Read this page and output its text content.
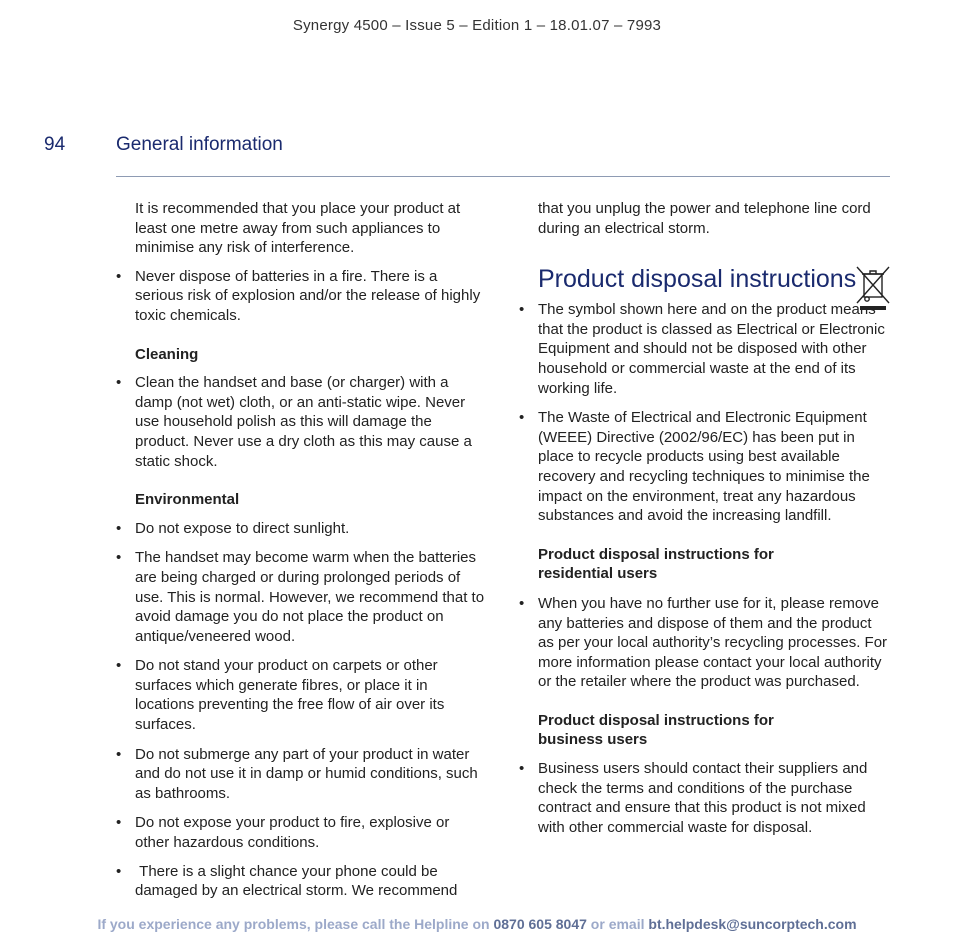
Synergy 4500 – Issue 5 – Edition 1 – 18.01.07 – 7993
94	General information

It is recommended that you place your product at least one metre away from such appliances to minimise any risk of interference.

• Never dispose of batteries in a fire. There is a serious risk of explosion and/or the release of highly toxic chemicals.

Cleaning

• Clean the handset and base (or charger) with a damp (not wet) cloth, or an anti-static wipe. Never use household polish as this will damage the product. Never use a dry cloth as this may cause a static shock.

Environmental

• Do not expose to direct sunlight.

• The handset may become warm when the batteries are being charged or during prolonged periods of use. This is normal. However, we recommend that to avoid damage you do not place the product on antique/veneered wood.

• Do not stand your product on carpets or other surfaces which generate fibres, or place it in locations preventing the free flow of air over its surfaces.

• Do not submerge any part of your product in water and do not use it in damp or humid conditions, such as bathrooms.

• Do not expose your product to fire, explosive or other hazardous conditions.

•  There is a slight chance your phone could be damaged by an electrical storm. We recommend

that you unplug the power and telephone line cord during an electrical storm.

Product disposal instructions

• The symbol shown here and on the product means that the product is classed as Electrical or Electronic Equipment and should not be disposed with other household or commercial waste at the end of its working life.

• The Waste of Electrical and Electronic Equipment (WEEE) Directive (2002/96/EC) has been put in place to recycle products using best available recovery and recycling techniques to minimise the impact on the environment, treat any hazardous substances and avoid the increasing landfill.

Product disposal instructions for
residential users

• When you have no further use for it, please remove any batteries and dispose of them and the product as per your local authority’s recycling processes. For more information please contact your local authority or the retailer where the product was purchased.

Product disposal instructions for
business users

• Business users should contact their suppliers and check the terms and conditions of the purchase contract and ensure that this product is not mixed with other commercial waste for disposal.

If you experience any problems, please call the Helpline on 0870 605 8047 or email bt.helpdesk@suncorptech.com
